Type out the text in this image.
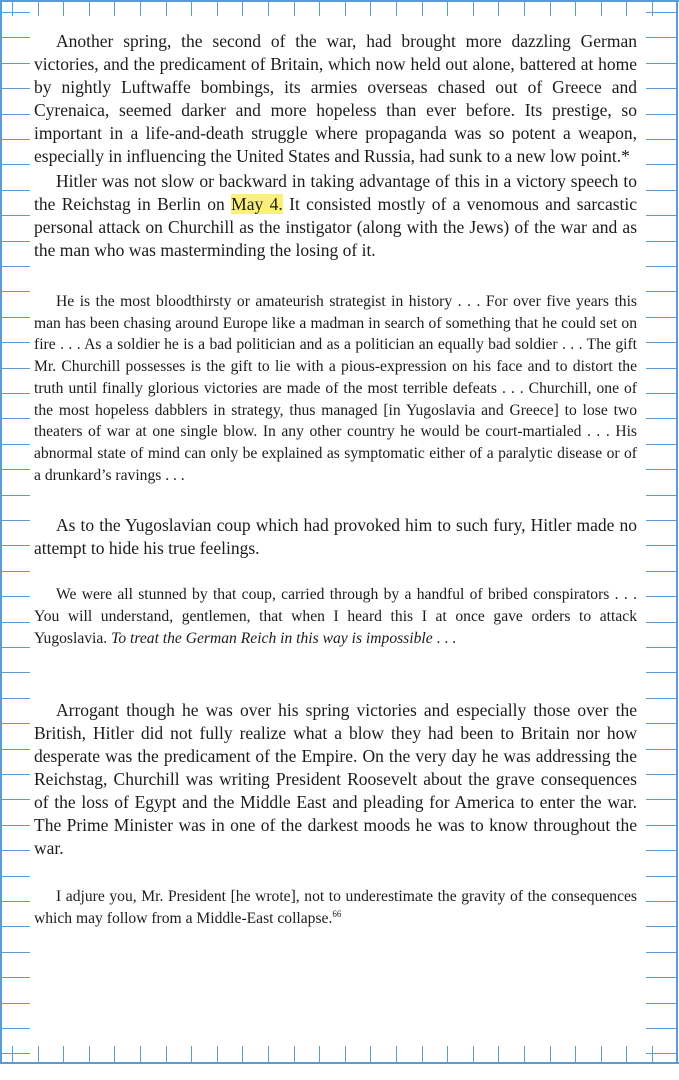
Another spring, the second of the war, had brought more dazzling German victories, and the predicament of Britain, which now held out alone, battered at home by nightly Luftwaffe bombings, its armies overseas chased out of Greece and Cyrenaica, seemed darker and more hopeless than ever before. Its prestige, so important in a life-and-death struggle where propaganda was so potent a weapon, especially in influencing the United States and Russia, had sunk to a new low point.*

Hitler was not slow or backward in taking advantage of this in a victory speech to the Reichstag in Berlin on May 4. It consisted mostly of a venomous and sarcastic personal attack on Churchill as the instigator (along with the Jews) of the war and as the man who was masterminding the losing of it.

He is the most bloodthirsty or amateurish strategist in history . . . For over five years this man has been chasing around Europe like a madman in search of something that he could set on fire . . . As a soldier he is a bad politician and as a politician an equally bad soldier . . . The gift Mr. Churchill possesses is the gift to lie with a pious-expression on his face and to distort the truth until finally glorious victories are made of the most terrible defeats . . . Churchill, one of the most hopeless dabblers in strategy, thus managed [in Yugoslavia and Greece] to lose two theaters of war at one single blow. In any other country he would be court-martialed . . . His abnormal state of mind can only be explained as symptomatic either of a paralytic disease or of a drunkard’s ravings . . .

As to the Yugoslavian coup which had provoked him to such fury, Hitler made no attempt to hide his true feelings.

We were all stunned by that coup, carried through by a handful of bribed conspirators . . . You will understand, gentlemen, that when I heard this I at once gave orders to attack Yugoslavia. To treat the German Reich in this way is impossible . . .

Arrogant though he was over his spring victories and especially those over the British, Hitler did not fully realize what a blow they had been to Britain nor how desperate was the predicament of the Empire. On the very day he was addressing the Reichstag, Churchill was writing President Roosevelt about the grave consequences of the loss of Egypt and the Middle East and pleading for America to enter the war. The Prime Minister was in one of the darkest moods he was to know throughout the war.

I adjure you, Mr. President [he wrote], not to underestimate the gravity of the consequences which may follow from a Middle-East collapse.$^{66}$
